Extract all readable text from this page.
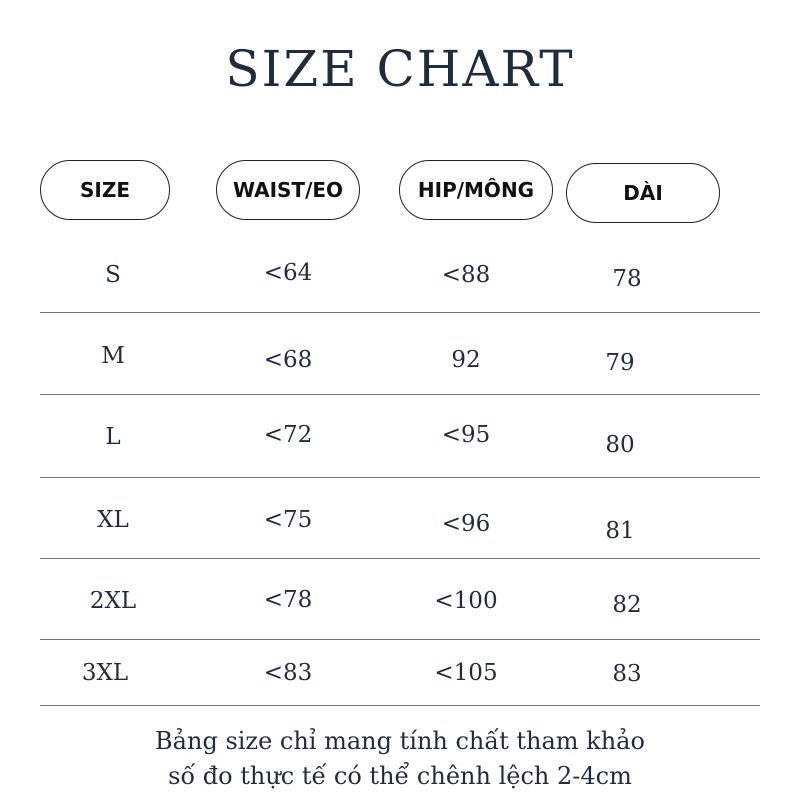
SIZE CHART
SIZE	WAIST/EO	HIP/MÔNG	DÀI
S	<64	<88	78
M	<68	92	79
L	<72	<95	80
XL	<75	<96	81
2XL	<78	<100	82
3XL	<83	<105	83
Bảng size chỉ mang tính chất tham khảo
số đo thực tế có thể chênh lệch 2-4cm
